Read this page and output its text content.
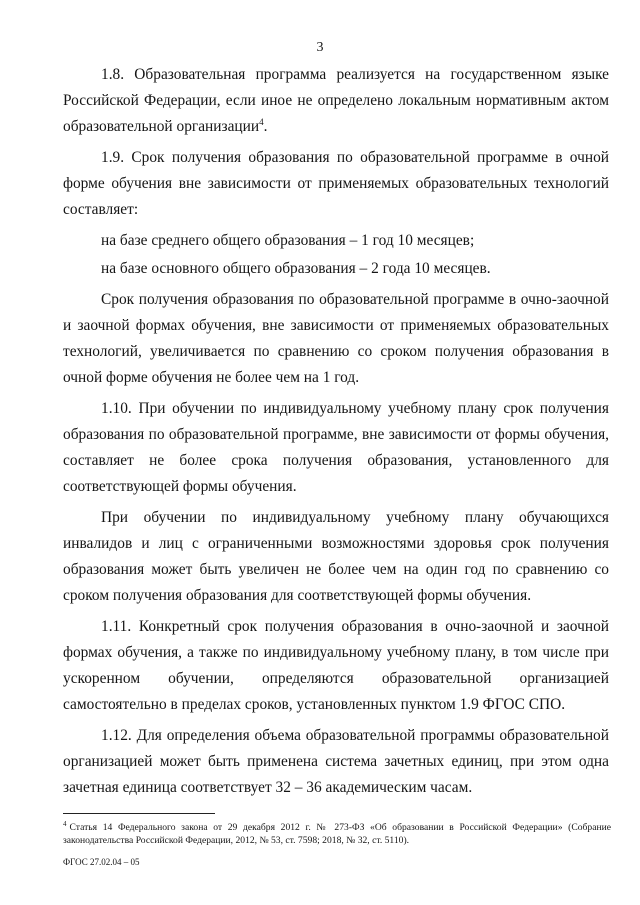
3

1.8. Образовательная программа реализуется на государственном языке Российской Федерации, если иное не определено локальным нормативным актом образовательной организации$^4$.

1.9. Срок получения образования по образовательной программе в очной форме обучения вне зависимости от применяемых образовательных технологий составляет:

на базе среднего общего образования – 1 год 10 месяцев;

на базе основного общего образования – 2 года 10 месяцев.

Срок получения образования по образовательной программе в очно-заочной и заочной формах обучения, вне зависимости от применяемых образовательных технологий, увеличивается по сравнению со сроком получения образования в очной форме обучения не более чем на 1 год.

1.10. При обучении по индивидуальному учебному плану срок получения образования по образовательной программе, вне зависимости от формы обучения, составляет не более срока получения образования, установленного для соответствующей формы обучения.

При обучении по индивидуальному учебному плану обучающихся инвалидов и лиц с ограниченными возможностями здоровья срок получения образования может быть увеличен не более чем на один год по сравнению со сроком получения образования для соответствующей формы обучения.

1.11. Конкретный срок получения образования в очно-заочной и заочной формах обучения, а также по индивидуальному учебному плану, в том числе при ускоренном обучении, определяются образовательной организацией самостоятельно в пределах сроков, установленных пунктом 1.9 ФГОС СПО.

1.12. Для определения объема образовательной программы образовательной организацией может быть применена система зачетных единиц, при этом одна зачетная единица соответствует 32 – 36 академическим часам.

$^4$ Статья 14 Федерального закона от 29 декабря 2012 г. № 273-ФЗ «Об образовании в Российской Федерации» (Собрание законодательства Российской Федерации, 2012, № 53, ст. 7598; 2018, № 32, ст. 5110).
ФГОС 27.02.04 – 05
